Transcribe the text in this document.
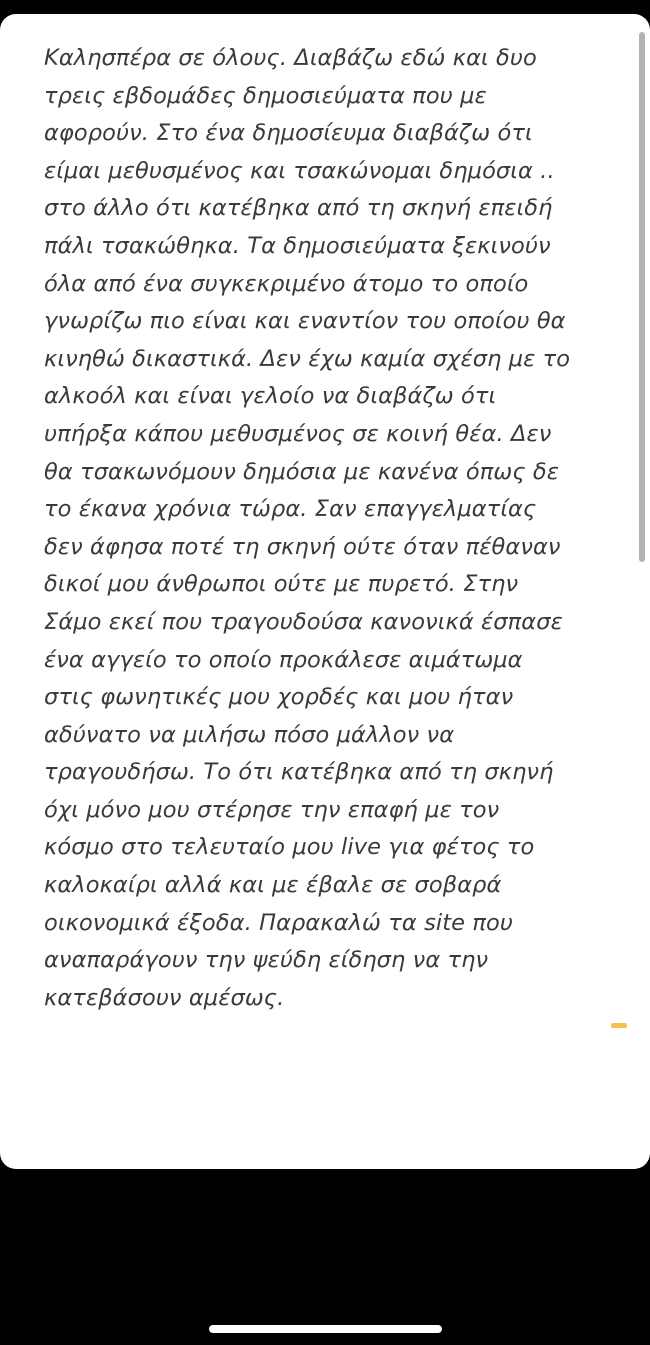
Καλησπέρα σε όλους. Διαβάζω εδώ και δυο
τρεις εβδομάδες δημοσιεύματα που με
αφορούν. Στο ένα δημοσίευμα διαβάζω ότι
είμαι μεθυσμένος και τσακώνομαι δημόσια ..
στο άλλο ότι κατέβηκα από τη σκηνή επειδή
πάλι τσακώθηκα. Τα δημοσιεύματα ξεκινούν
όλα από ένα συγκεκριμένο άτομο το οποίο
γνωρίζω πιο είναι και εναντίον του οποίου θα
κινηθώ δικαστικά. Δεν έχω καμία σχέση με το
αλκοόλ και είναι γελοίο να διαβάζω ότι
υπήρξα κάπου μεθυσμένος σε κοινή θέα. Δεν
θα τσακωνόμουν δημόσια με κανένα όπως δε
το έκανα χρόνια τώρα. Σαν επαγγελματίας
δεν άφησα ποτέ τη σκηνή ούτε όταν πέθαναν
δικοί μου άνθρωποι ούτε με πυρετό. Στην
Σάμο εκεί που τραγουδούσα κανονικά έσπασε
ένα αγγείο το οποίο προκάλεσε αιμάτωμα
στις φωνητικές μου χορδές και μου ήταν
αδύνατο να μιλήσω πόσο μάλλον να
τραγουδήσω. Το ότι κατέβηκα από τη σκηνή
όχι μόνο μου στέρησε την επαφή με τον
κόσμο στο τελευταίο μου live για φέτος το
καλοκαίρι αλλά και με έβαλε σε σοβαρά
οικονομικά έξοδα. Παρακαλώ τα site που
αναπαράγουν την ψεύδη είδηση να την
κατεβάσουν αμέσως.
